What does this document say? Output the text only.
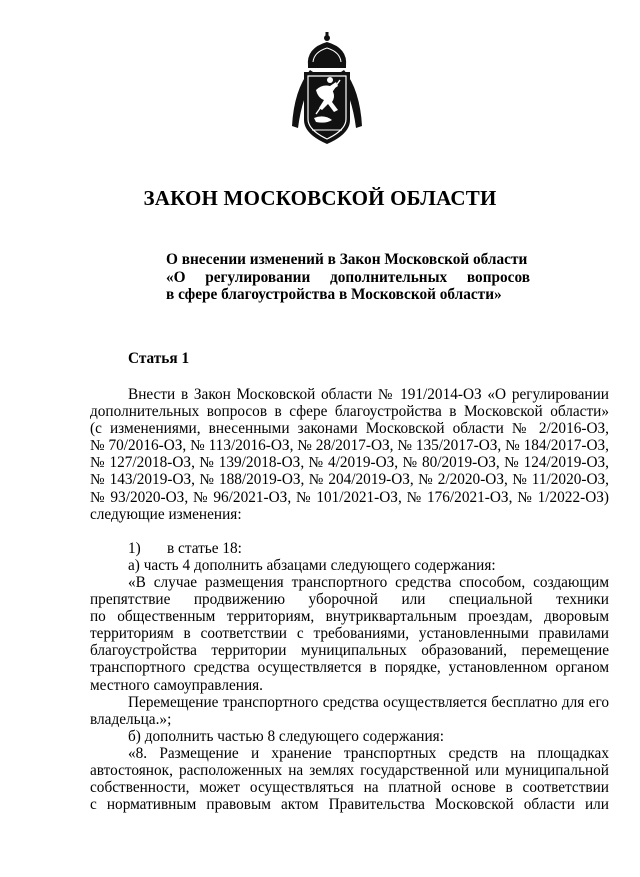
ЗАКОН МОСКОВСКОЙ ОБЛАСТИ
О внесении изменений в Закон Московской области
«О регулировании дополнительных вопросов
в сфере благоустройства в Московской области»
Статья 1

Внести в Закон Московской области № 191/2014-ОЗ «О регулировании
дополнительных вопросов в сфере благоустройства в Московской области»
(с изменениями, внесенными законами Московской области № 2/2016-ОЗ,
№ 70/2016-ОЗ, № 113/2016-ОЗ, № 28/2017-ОЗ, № 135/2017-ОЗ, № 184/2017-ОЗ,
№ 127/2018-ОЗ, № 139/2018-ОЗ, № 4/2019-ОЗ, № 80/2019-ОЗ, № 124/2019-ОЗ,
№ 143/2019-ОЗ, № 188/2019-ОЗ, № 204/2019-ОЗ, № 2/2020-ОЗ, № 11/2020-ОЗ,
№ 93/2020-ОЗ, № 96/2021-ОЗ, № 101/2021-ОЗ, № 176/2021-ОЗ, № 1/2022-ОЗ)
следующие изменения:

1) в статье 18:

а) часть 4 дополнить абзацами следующего содержания:

«В случае размещения транспортного средства способом, создающим
препятствие продвижению уборочной или специальной техники
по общественным территориям, внутриквартальным проездам, дворовым
территориям в соответствии с требованиями, установленными правилами
благоустройства территории муниципальных образований, перемещение
транспортного средства осуществляется в порядке, установленном органом
местного самоуправления.

Перемещение транспортного средства осуществляется бесплатно для его
владельца.»;

б) дополнить частью 8 следующего содержания:

«8. Размещение и хранение транспортных средств на площадках
автостоянок, расположенных на землях государственной или муниципальной
собственности, может осуществляться на платной основе в соответствии
с нормативным правовым актом Правительства Московской области или
